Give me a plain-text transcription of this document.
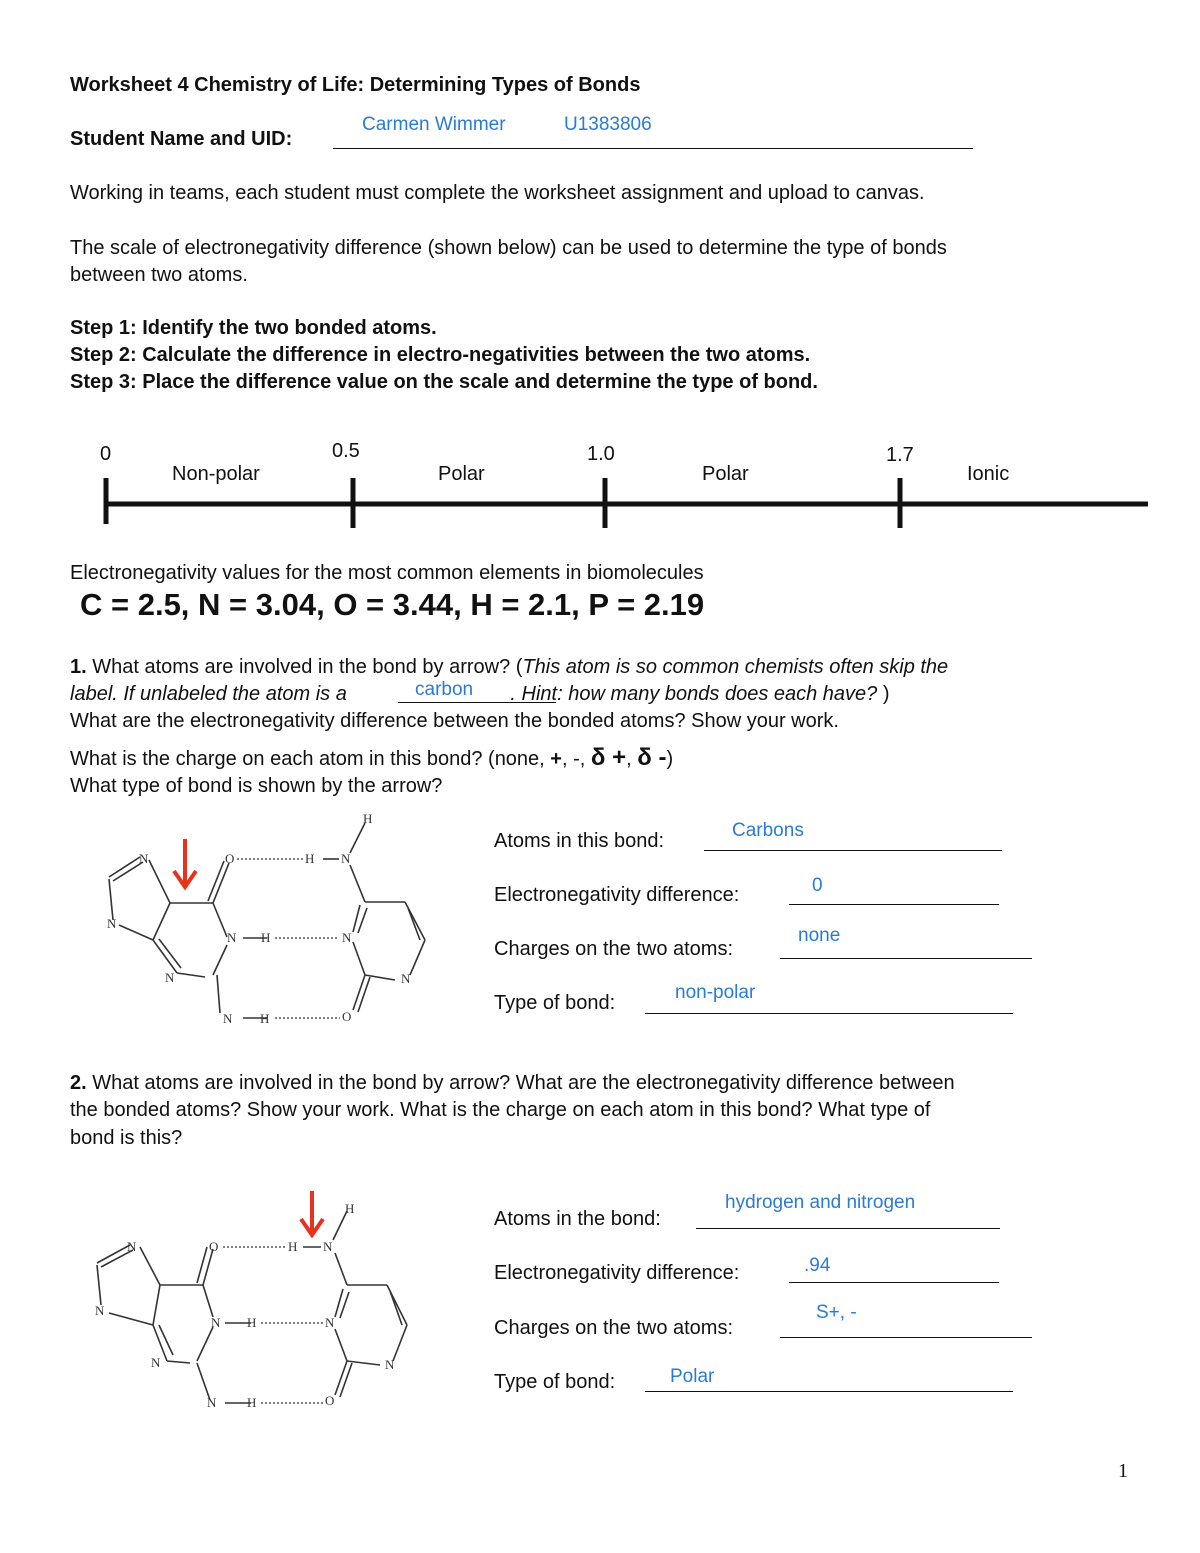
Worksheet 4 Chemistry of Life: Determining Types of Bonds
Student Name and UID:
Carmen Wimmer	U1383806
Working in teams, each student must complete the worksheet assignment and upload to canvas.
The scale of electronegativity difference (shown below) can be used to determine the type of bonds
between two atoms.
Step 1: Identify the two bonded atoms.
Step 2: Calculate the difference in electro-negativities between the two atoms.
Step 3: Place the difference value on the scale and determine the type of bond.
0	0.5	1.0	1.7
Non-polar	Polar	Polar	Ionic
Electronegativity values for the most common elements in biomolecules
C = 2.5, N = 3.04, O = 3.44, H = 2.1, P = 2.19
1. What atoms are involved in the bond by arrow? (This atom is so common chemists often skip the
label. If unlabeled the atom is a	. Hint: how many bonds does each have? )
carbon
What are the electronegativity difference between the bonded atoms? Show your work.
What is the charge on each atom in this bond? (none, +, -, δ +, δ -)
What type of bond is shown by the arrow?
N
N
N
O	H N
H
N H	N
N
N H	O
Atoms in this bond:	Carbons
Electronegativity difference:	0
Charges on the two atoms:
none
Type of bond:	non-polar
2. What atoms are involved in the bond by arrow? What are the electronegativity difference between
the bonded atoms? Show your work. What is the charge on each atom in this bond? What type of
bond is this?
N
N
N
O	H N
H
N H	N
N
N H	O
Atoms in the bond:
hydrogen and nitrogen
Electronegativity difference:	.94
Charges on the two atoms:
S+, -
Type of bond:	Polar
1
